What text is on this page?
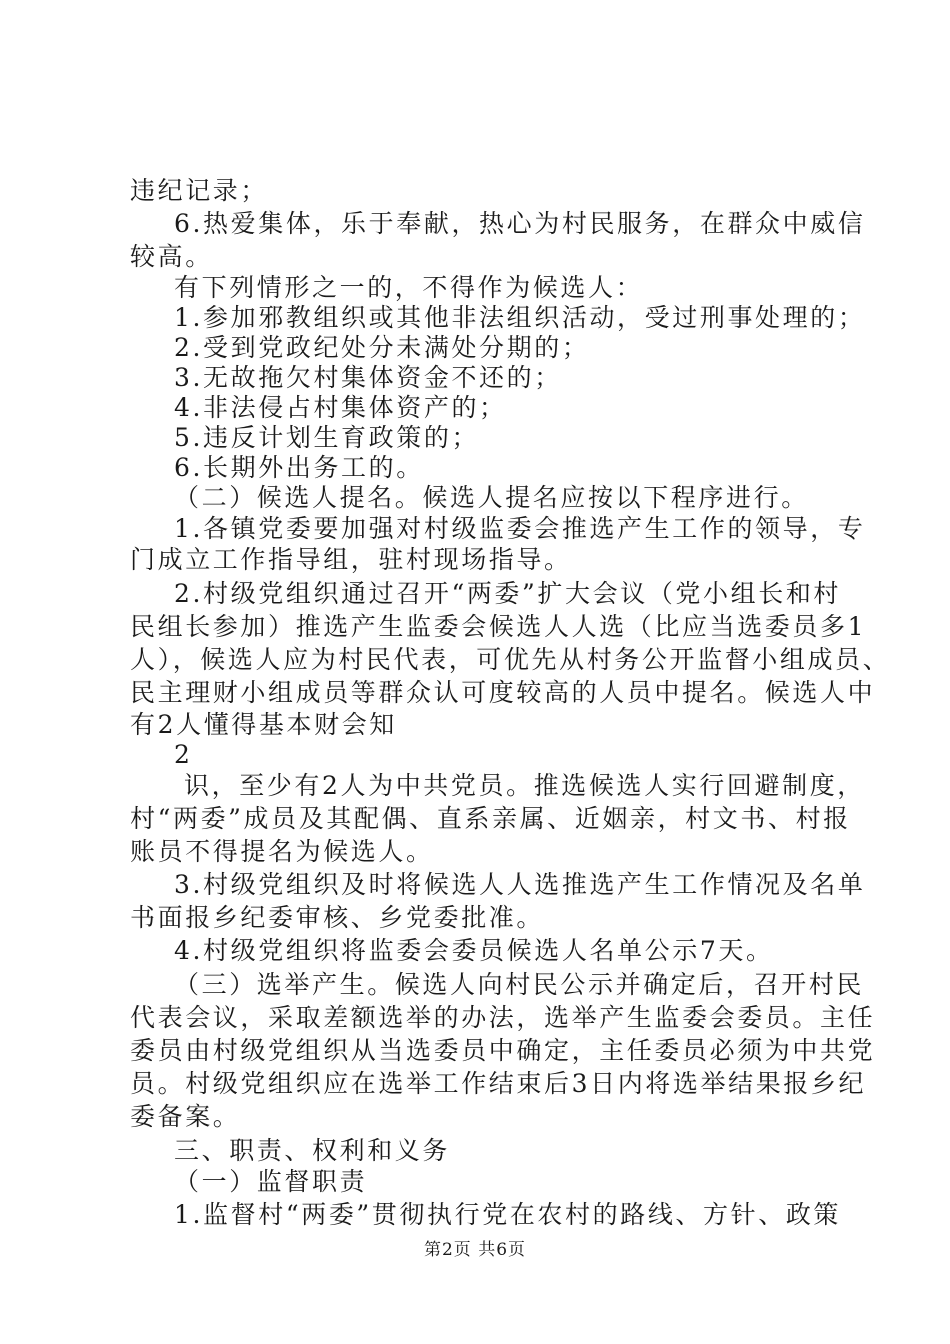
违纪记录；
6.热爱集体，乐于奉献，热心为村民服务，在群众中威信
较高。
有下列情形之一的，不得作为候选人：
1.参加邪教组织或其他非法组织活动，受过刑事处理的；
2.受到党政纪处分未满处分期的；
3.无故拖欠村集体资金不还的；
4.非法侵占村集体资产的；
5.违反计划生育政策的；
6.长期外出务工的。
（二）候选人提名。候选人提名应按以下程序进行。
1.各镇党委要加强对村级监委会推选产生工作的领导，专
门成立工作指导组，驻村现场指导。
2.村级党组织通过召开“两委”扩大会议（党小组长和村
民组长参加）推选产生监委会候选人人选（比应当选委员多1
人），候选人应为村民代表，可优先从村务公开监督小组成员、
民主理财小组成员等群众认可度较高的人员中提名。候选人中
有2人懂得基本财会知
2
识，至少有2人为中共党员。推选候选人实行回避制度，
村“两委”成员及其配偶、直系亲属、近姻亲，村文书、村报
账员不得提名为候选人。
3.村级党组织及时将候选人人选推选产生工作情况及名单
书面报乡纪委审核、乡党委批准。
4.村级党组织将监委会委员候选人名单公示7天。
（三）选举产生。候选人向村民公示并确定后，召开村民
代表会议，采取差额选举的办法，选举产生监委会委员。主任
委员由村级党组织从当选委员中确定，主任委员必须为中共党
员。村级党组织应在选举工作结束后3日内将选举结果报乡纪
委备案。
三、职责、权利和义务
（一）监督职责
1.监督村“两委”贯彻执行党在农村的路线、方针、政策
第2页 共6页
